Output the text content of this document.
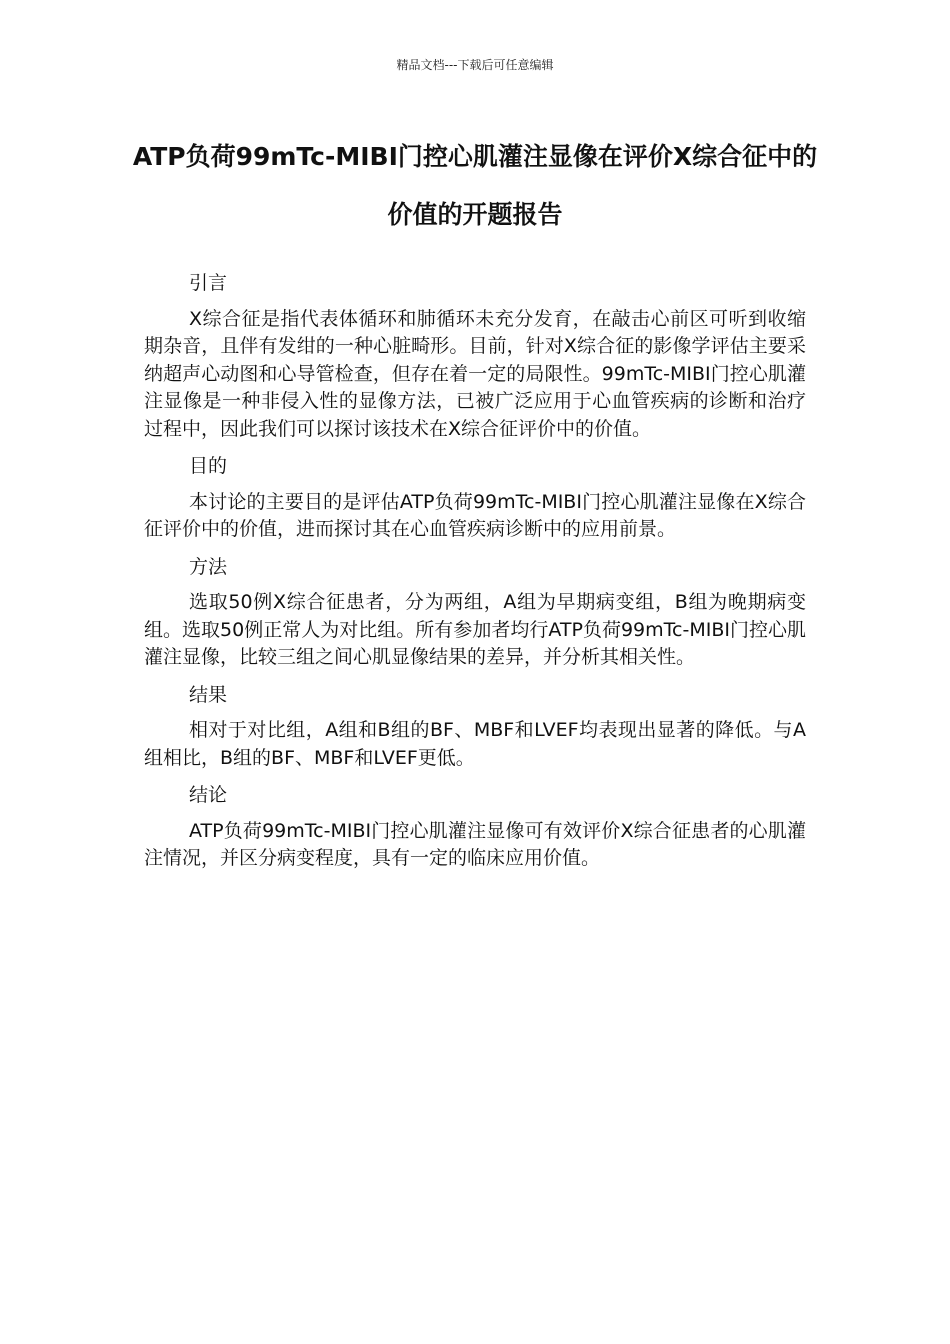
精品文档---下载后可任意编辑
ATP负荷99mTc-MIBI门控心肌灌注显像在评价X综合征中的价值的开题报告

引言

X综合征是指代表体循环和肺循环未充分发育，在敲击心前区可听到收缩期杂音，且伴有发绀的一种心脏畸形。目前，针对X综合征的影像学评估主要采纳超声心动图和心导管检查，但存在着一定的局限性。99mTc-MIBI门控心肌灌注显像是一种非侵入性的显像方法，已被广泛应用于心血管疾病的诊断和治疗过程中，因此我们可以探讨该技术在X综合征评价中的价值。

目的

本讨论的主要目的是评估ATP负荷99mTc-MIBI门控心肌灌注显像在X综合征评价中的价值，进而探讨其在心血管疾病诊断中的应用前景。

方法

选取50例X综合征患者，分为两组，A组为早期病变组，B组为晚期病变组。选取50例正常人为对比组。所有参加者均行ATP负荷99mTc-MIBI门控心肌灌注显像，比较三组之间心肌显像结果的差异，并分析其相关性。

结果

相对于对比组，A组和B组的BF、MBF和LVEF均表现出显著的降低。与A组相比，B组的BF、MBF和LVEF更低。

结论

ATP负荷99mTc-MIBI门控心肌灌注显像可有效评价X综合征患者的心肌灌注情况，并区分病变程度，具有一定的临床应用价值。
